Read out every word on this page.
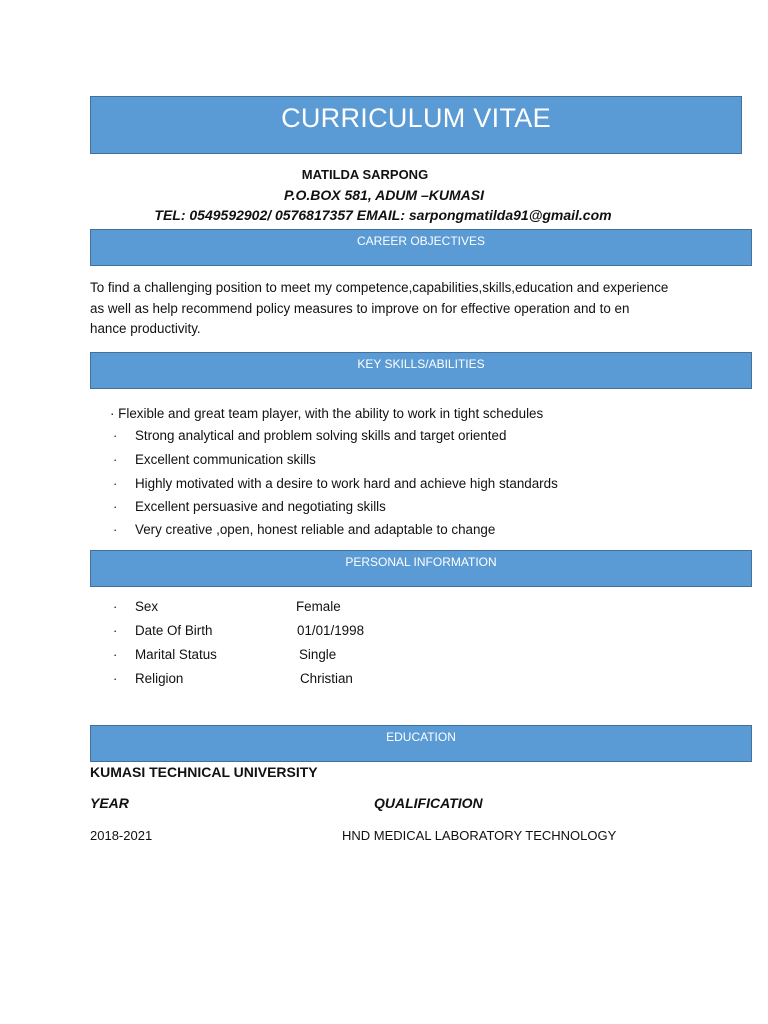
CURRICULUM VITAE
MATILDA SARPONG
P.O.BOX 581, ADUM –KUMASI
TEL: 0549592902/ 0576817357 EMAIL: sarpongmatilda91@gmail.com
CAREER OBJECTIVES
To find a challenging position to meet my competence,capabilities,skills,education and experience
as well as help recommend policy measures to improve on for effective operation and to en
hance productivity.
KEY SKILLS/ABILITIES
· Flexible and great team player, with the ability to work in tight schedules
· Strong analytical and problem solving skills and target oriented
· Excellent communication skills
· Highly motivated with a desire to work hard and achieve high standards
· Excellent persuasive and negotiating skills
· Very creative ,open, honest reliable and adaptable to change
PERSONAL INFORMATION
· Sex	Female
· Date Of Birth	01/01/1998
· Marital Status	Single
· Religion	Christian
EDUCATION
KUMASI TECHNICAL UNIVERSITY
YEAR	QUALIFICATION
2018-2021	HND MEDICAL LABORATORY TECHNOLOGY
